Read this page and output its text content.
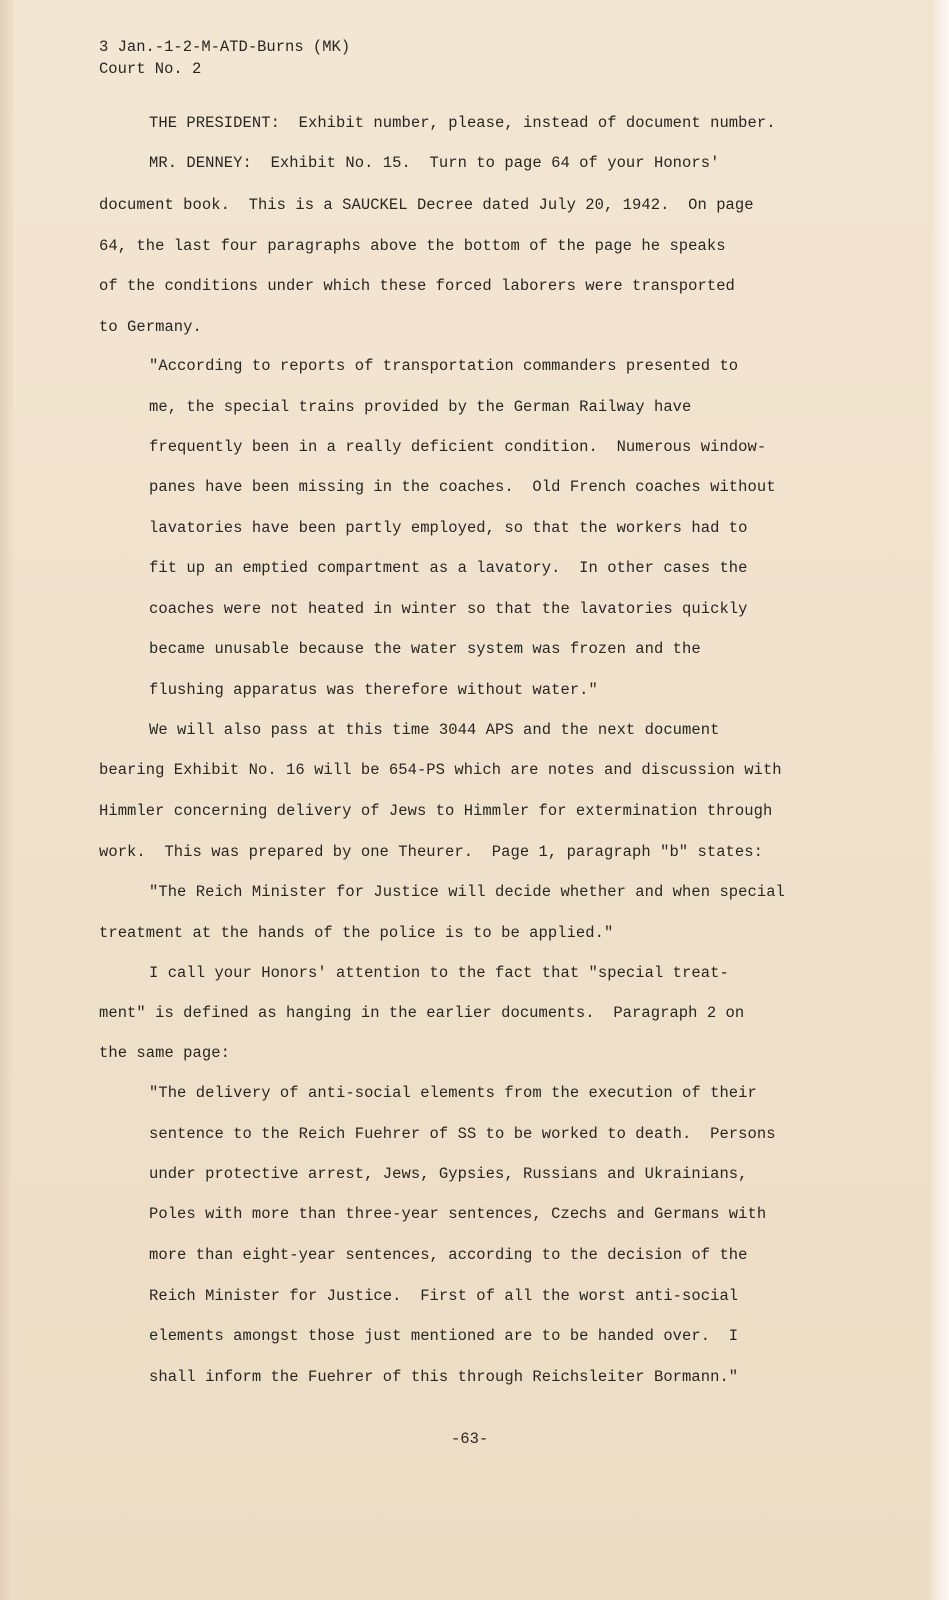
3 Jan.-1-2-M-ATD-Burns (MK)
Court No. 2
THE PRESIDENT:  Exhibit number, please, instead of document number.
MR. DENNEY:  Exhibit No. 15.  Turn to page 64 of your Honors'
document book.  This is a SAUCKEL Decree dated July 20, 1942.  On page
64, the last four paragraphs above the bottom of the page he speaks
of the conditions under which these forced laborers were transported
to Germany.
"According to reports of transportation commanders presented to
me, the special trains provided by the German Railway have
frequently been in a really deficient condition.  Numerous window-
panes have been missing in the coaches.  Old French coaches without
lavatories have been partly employed, so that the workers had to
fit up an emptied compartment as a lavatory.  In other cases the
coaches were not heated in winter so that the lavatories quickly
became unusable because the water system was frozen and the
flushing apparatus was therefore without water."
We will also pass at this time 3044 APS and the next document
bearing Exhibit No. 16 will be 654-PS which are notes and discussion with
Himmler concerning delivery of Jews to Himmler for extermination through
work.  This was prepared by one Theurer.  Page 1, paragraph "b" states:
"The Reich Minister for Justice will decide whether and when special
treatment at the hands of the police is to be applied."
I call your Honors' attention to the fact that "special treat-
ment" is defined as hanging in the earlier documents.  Paragraph 2 on
the same page:
"The delivery of anti-social elements from the execution of their
sentence to the Reich Fuehrer of SS to be worked to death.  Persons
under protective arrest, Jews, Gypsies, Russians and Ukrainians,
Poles with more than three-year sentences, Czechs and Germans with
more than eight-year sentences, according to the decision of the
Reich Minister for Justice.  First of all the worst anti-social
elements amongst those just mentioned are to be handed over.  I
shall inform the Fuehrer of this through Reichsleiter Bormann."
-63-
